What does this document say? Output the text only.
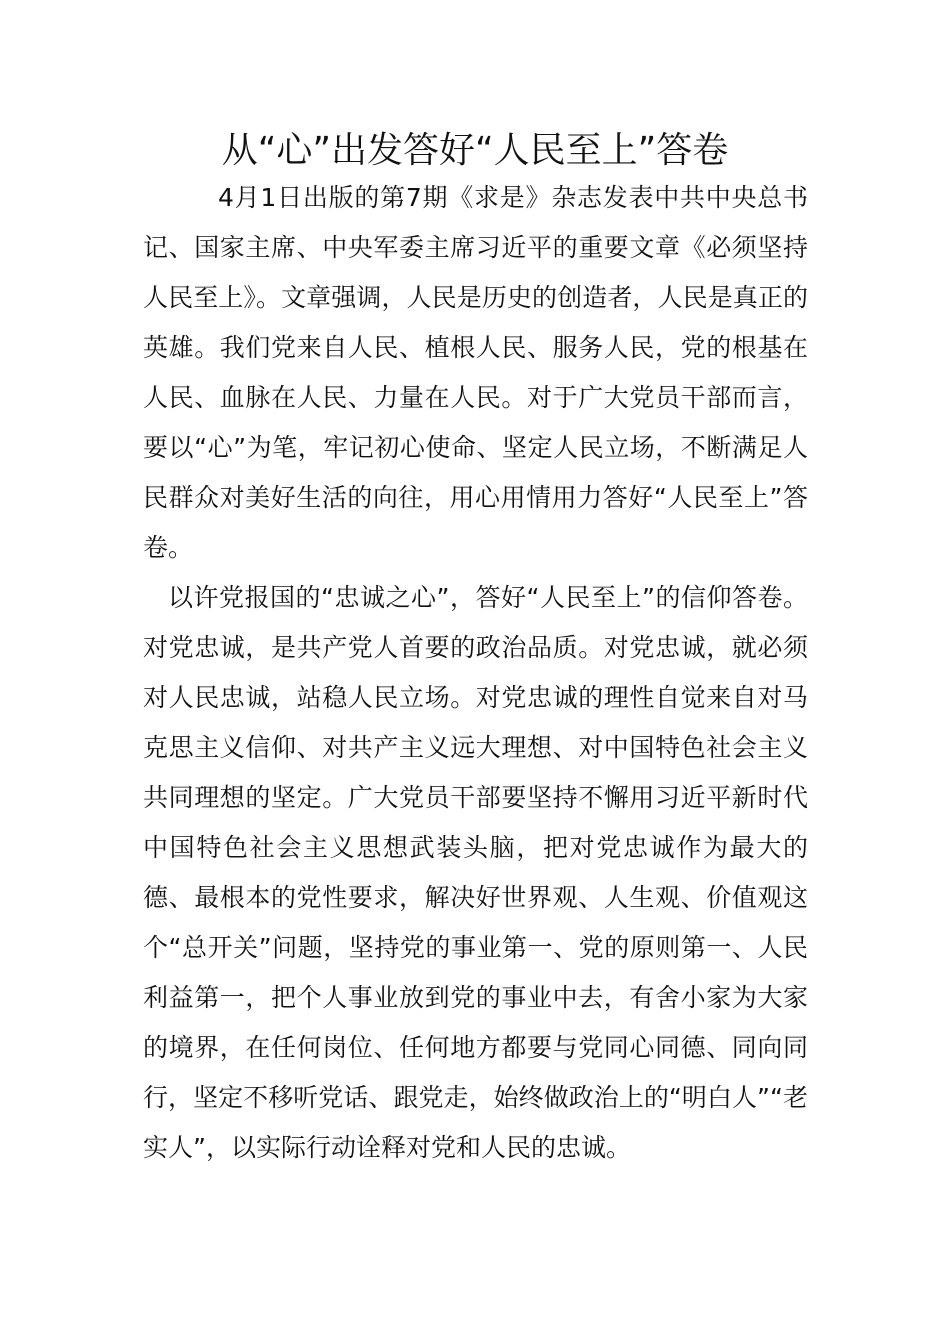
从“心”出发答好“人民至上”答卷

4月1日出版的第7期《求是》杂志发表中共中央总书记、国家主席、中央军委主席习近平的重要文章《必须坚持人民至上》。文章强调，人民是历史的创造者，人民是真正的英雄。我们党来自人民、植根人民、服务人民，党的根基在人民、血脉在人民、力量在人民。对于广大党员干部而言，要以“心”为笔，牢记初心使命、坚定人民立场，不断满足人民群众对美好生活的向往，用心用情用力答好“人民至上”答卷。

以许党报国的“忠诚之心”，答好“人民至上”的信仰答卷。对党忠诚，是共产党人首要的政治品质。对党忠诚，就必须对人民忠诚，站稳人民立场。对党忠诚的理性自觉来自对马克思主义信仰、对共产主义远大理想、对中国特色社会主义共同理想的坚定。广大党员干部要坚持不懈用习近平新时代中国特色社会主义思想武装头脑，把对党忠诚作为最大的德、最根本的党性要求，解决好世界观、人生观、价值观这个“总开关”问题，坚持党的事业第一、党的原则第一、人民利益第一，把个人事业放到党的事业中去，有舍小家为大家的境界，在任何岗位、任何地方都要与党同心同德、同向同行，坚定不移听党话、跟党走，始终做政治上的“明白人”“老实人”，以实际行动诠释对党和人民的忠诚。
